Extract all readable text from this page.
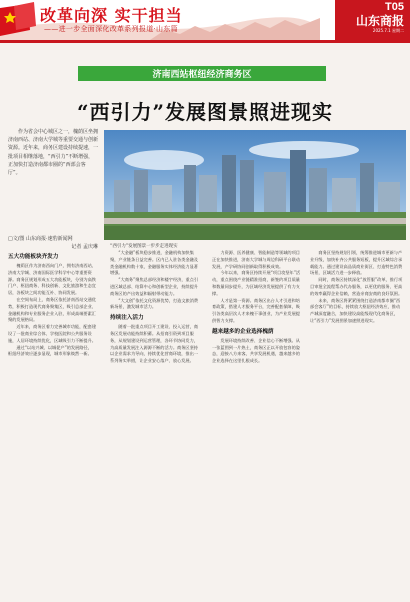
改革向深 实干担当
——进一步全面深化改革系列报道·山东篇
T05
山东商报
2025.7.1 星期二
济南西站枢纽经济商务区
“西引力”发展图景照进现实
作为省会中心城区之一，槐荫区坐拥济南西站、济南大学城等重要交通与创新资源。近年来，商务区建设持续提速，一批项目相继落地，“西引力”不断增强，正加快打造济南都市圈的“西部会客厅”。
□文/图 山东商报·速豹新闻网
记者 孟庆琳	“西引力”发展图景一步步走进现实
五大功能板块齐发力

槐荫区作为济南西向门户，拥有济南西站、济南大学城、济南国际医学科学中心等重要资源。商务区规划形成五大功能板块，分别为高铁门户、枢纽商务、科技创新、文化旅游和生态宜居，各板块之间功能互补、协同发展。

在空间布局上，商务区依托济南西站交通优势，积极打造现代商务聚集区，吸引总部企业、金融机构和专业服务企业入驻，形成高端要素汇聚的发展格局。

近年来，商务区着力完善城市功能，配套建设了一批商业综合体、学校医院和公共服务设施，人居环境持续优化，区域吸引力不断提升。

通过“以站兴城、以城促产”的发展路径，枢纽经济效应逐步显现，城市形象焕然一新。

“大金融”板块稳步推进，金融机构加快集聚，产业链条日益完善。区内已入驻各类金融及类金融机构数十家，金融服务实体经济能力显著增强。

“大商务”聚焦总部经济和楼宇经济，重点引进区域总部、结算中心和创新型企业，持续提升商务区的产出效益和辐射带动能力。

“大文创”依托文化资源优势，打造文旅消费新场景，激发城市活力。

持续注入活力

随着一批重点项目开工建设、投入运营，商务区发展动能持续积蓄。从招商引资到项目服务，从规划建设到运营管理，各环节协同发力，为高质量发展注入源源不断的活力。商务区坚持以企业需求为导向，持续优化营商环境，推出一系列务实举措，让企业安心落户、放心发展。

力资源、医养健康、智能制造等领域的项目正在加快推进，济南大学城与周边科研平台联动发展，产学研协同创新取得积极成效。

今年以来，商务区持续开展“项目攻坚年”活动，重点围绕产业链精准招商，新签约项目质量和数量同步提升，为区域经济发展提供了有力支撑。

人才是第一资源。商务区出台人才引进和培育政策，搭建人才服务平台，完善配套保障，吸引各类高层次人才来槐干事创业，为产业发展提供智力支撑。

越来越多的企业选择槐荫

发展环境持续改善、企业信心不断增强。从一张蓝图到一片热土，商务区正以开放包容的姿态，迎接八方来客，共享发展机遇，越来越多的企业选择在这里扎根成长。

商务区坚持规划引领，统筹推进城市更新与产业升级，加快补齐公共服务短板，提升区域综合承载能力。通过建设高品质商业街区、打造特色消费场景，区域活力进一步释放。

同时，商务区持续深化“放管服”改革，推行项目审批全流程帮办代办服务，以更优的服务、更高的效率赢得企业信赖，营造亲商安商的良好氛围。

未来，商务区将紧紧围绕打造济南都市圈“西部会客厅”的目标，持续放大枢纽经济效应，推动产城深度融合，加快建设高能级现代化商务区，让“西引力”发展图景加速照进现实。
